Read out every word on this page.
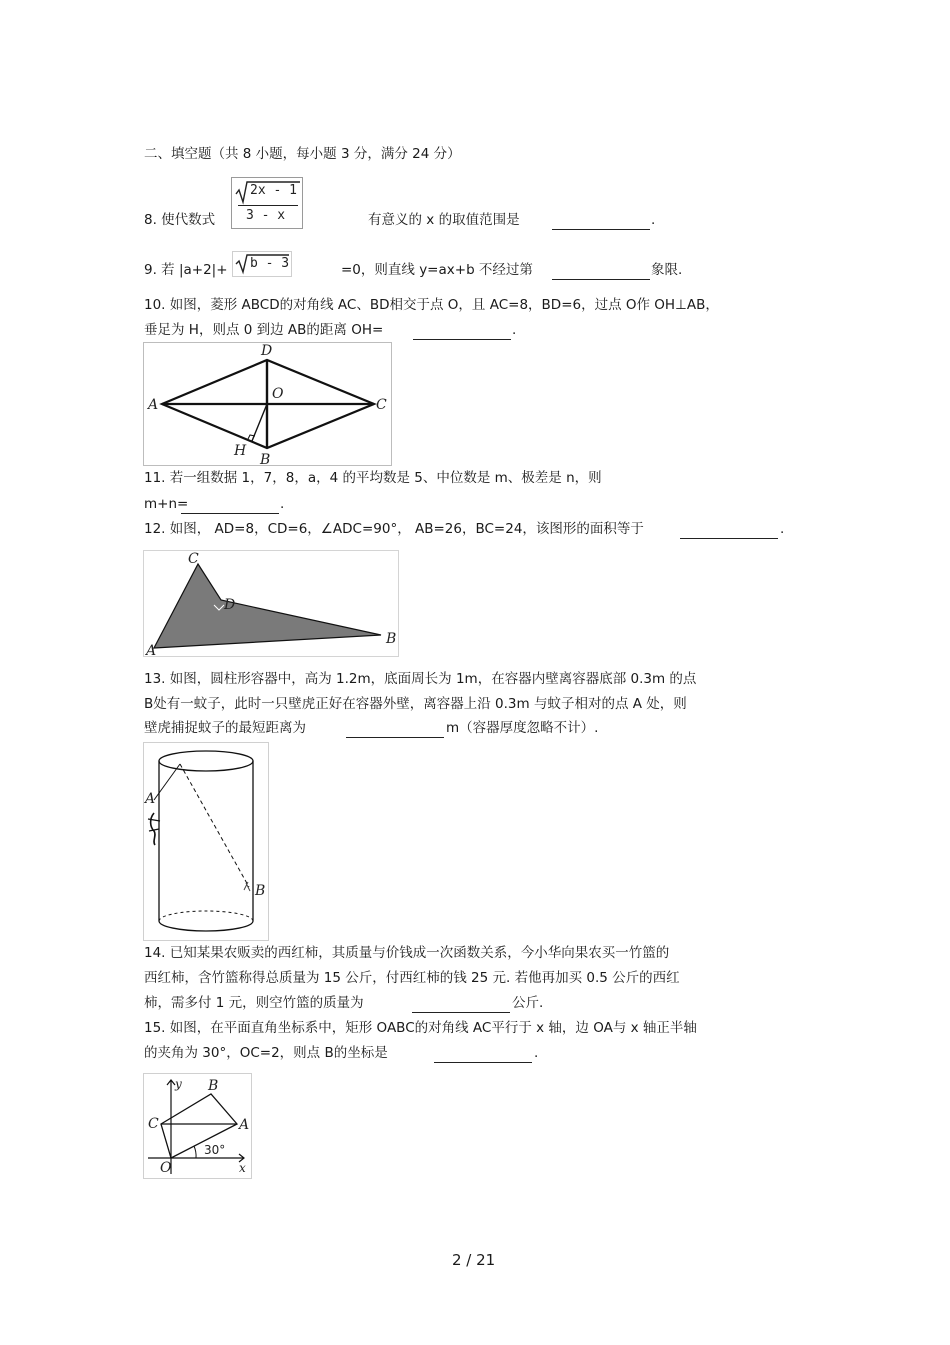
二、填空题（共 8 小题，每小题 3 分，满分 24 分）
8. 使代数式
2x - 1
3 - x	有意义的 x 的取值范围是	.
9. 若 |a+2|+ b - 3	=0，则直线 y=ax+b 不经过第	象限.
10. 如图，菱形 ABCD的对角线 AC、BD相交于点 O，且 AC=8，BD=6，过点 O作 OH⊥AB，
垂足为 H，则点 0 到边 AB的距离 OH=	.
A
D
O
C
H
B
11. 若一组数据 1，7，8，a，4 的平均数是 5、中位数是 m、极差是 n，则
m+n=	.
12. 如图， AD=8，CD=6，∠ADC=90°， AB=26，BC=24，该图形的面积等于	.
C
D
A
B
13. 如图，圆柱形容器中，高为 1.2m，底面周长为 1m，在容器内壁离容器底部 0.3m 的点
B处有一蚊子，此时一只壁虎正好在容器外壁，离容器上沿 0.3m 与蚊子相对的点 A 处，则
壁虎捕捉蚊子的最短距离为	m（容器厚度忽略不计）.
A
B
14. 已知某果农贩卖的西红柿，其质量与价钱成一次函数关系，今小华向果农买一竹篮的
西红柿，含竹篮称得总质量为 15 公斤，付西红柿的钱 25 元. 若他再加买 0.5 公斤的西红
柿，需多付 1 元，则空竹篮的质量为	公斤.
15. 如图，在平面直角坐标系中，矩形 OABC的对角线 AC平行于 x 轴，边 OA与 x 轴正半轴
的夹角为 30°，OC=2，则点 B的坐标是	.
y B
C	A
30°
O	x
2 / 21
